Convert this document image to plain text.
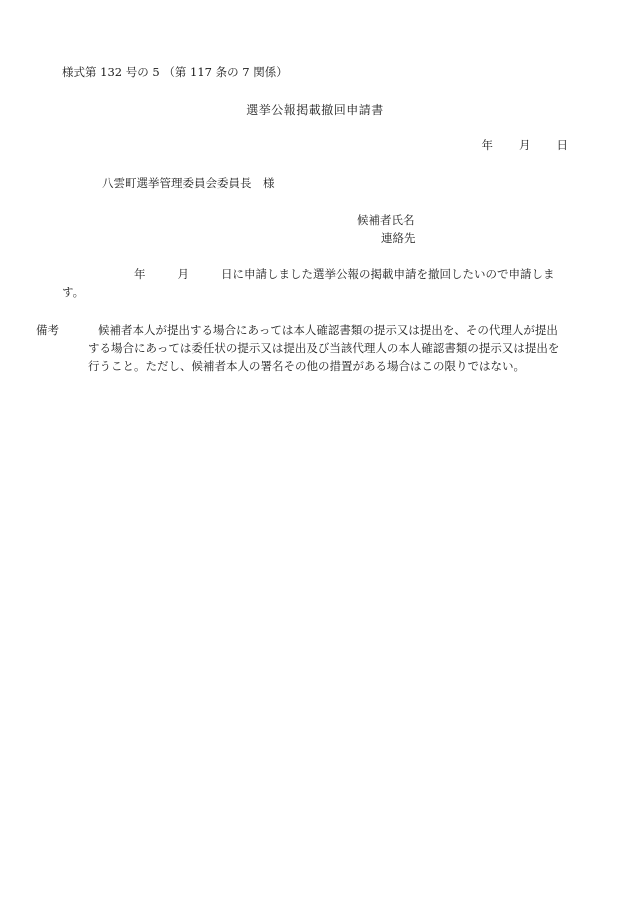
様式第 132 号の 5 （第 117 条の 7 関係）
選挙公報掲載撤回申請書
年 月 日
八雲町選挙管理委員会委員長　様
候補者氏名
連絡先
年	月	日に申請しました選挙公報の掲載申請を撤回したいので申請します。

備考	候補者本人が提出する場合にあっては本人確認書類の提示又は提出を、その代理人が提出する場合にあっては委任状の提示又は提出及び当該代理人の本人確認書類の提示又は提出を行うこと。ただし、候補者本人の署名その他の措置がある場合はこの限りではない。
